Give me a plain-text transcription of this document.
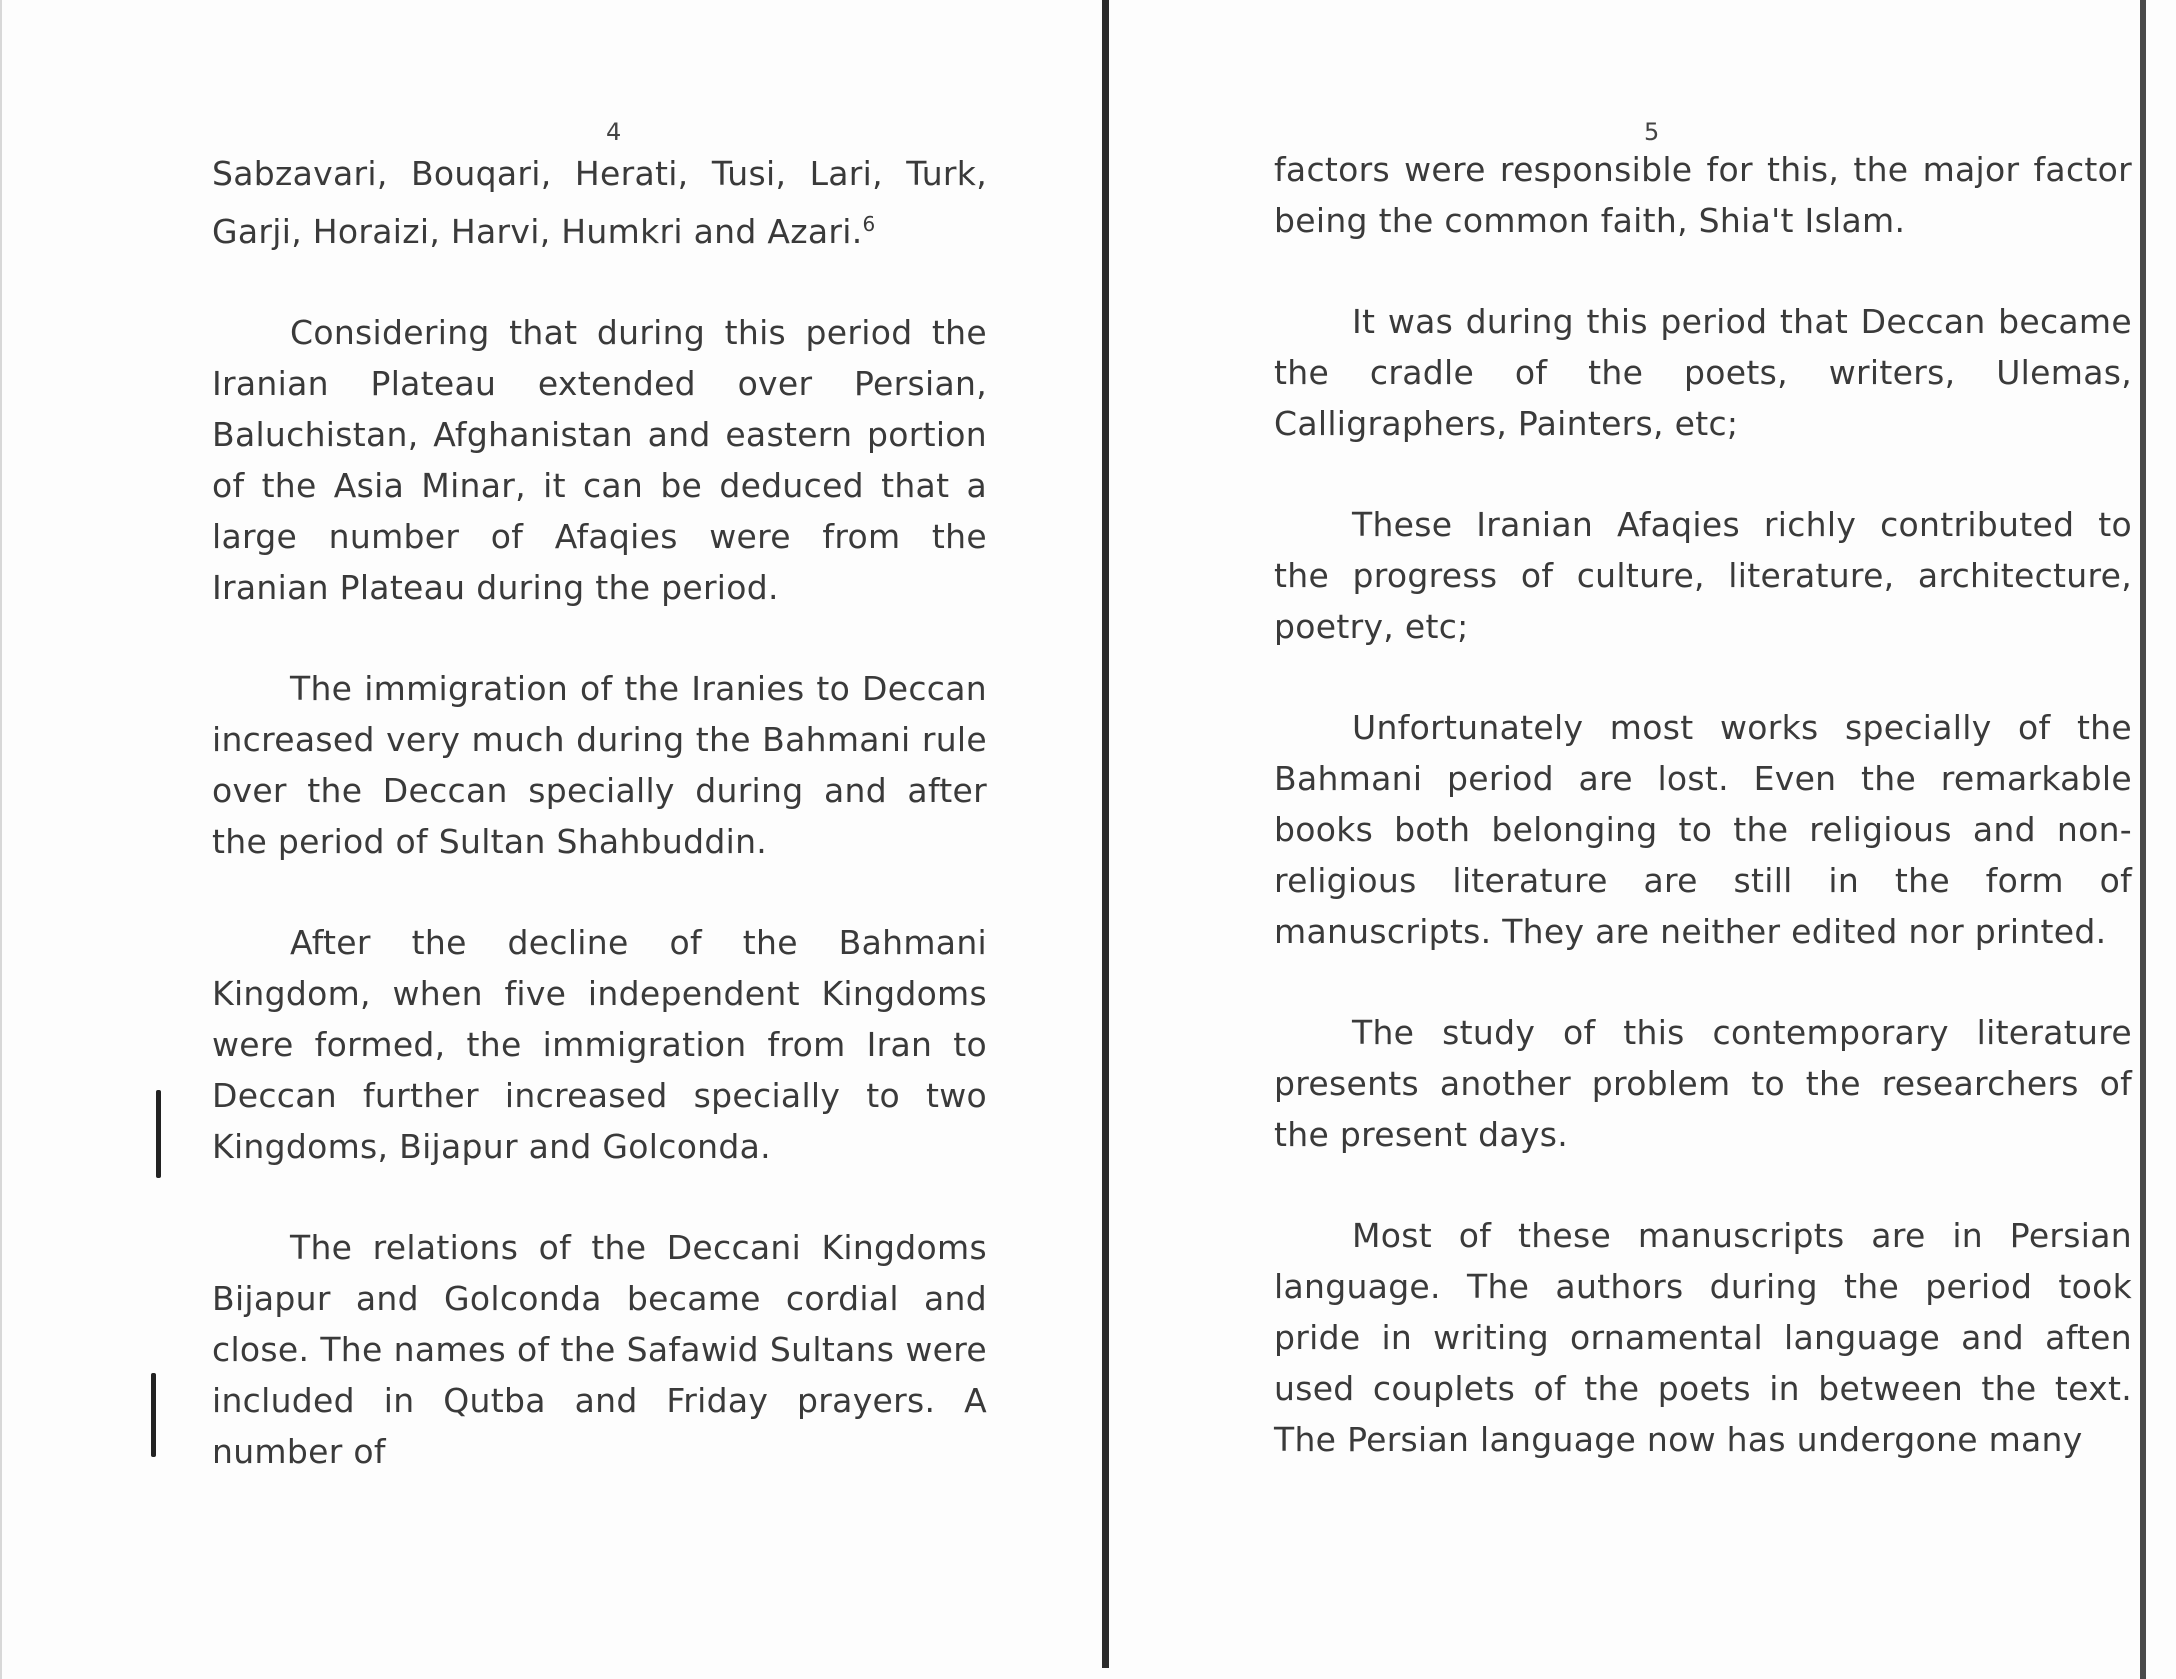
4

Sabzavari, Bouqari, Herati, Tusi, Lari, Turk, Garji, Horaizi, Harvi, Humkri and Azari.$^6$

Considering that during this period the Iranian Plateau extended over Persian, Baluchistan, Afghanistan and eastern portion of the Asia Minar, it can be deduced that a large number of Afaqies were from the Iranian Plateau during the period.

The immigration of the Iranies to Deccan increased very much during the Bahmani rule over the Deccan specially during and after the period of Sultan Shahbuddin.

After the decline of the Bahmani Kingdom, when five independent Kingdoms were formed, the immigration from Iran to Deccan further increased specially to two Kingdoms, Bijapur and Golconda.

The relations of the Deccani Kingdoms Bijapur and Golconda became cordial and close. The names of the Safawid Sultans were included in Qutba and Friday prayers. A number of

5

factors were responsible for this, the major factor being the common faith, Shia't Islam.

It was during this period that Deccan became the cradle of the poets, writers, Ulemas, Calligraphers, Painters, etc;

These Iranian Afaqies richly contributed to the progress of culture, literature, architecture, poetry, etc;

Unfortunately most works specially of the Bahmani period are lost. Even the remarkable books both belonging to the religious and non-religious literature are still in the form of manuscripts. They are neither edited nor printed.

The study of this contemporary literature presents another problem to the researchers of the present days.

Most of these manuscripts are in Persian language. The authors during the period took pride in writing ornamental language and aften used couplets of the poets in between the text. The Persian language now has undergone many
